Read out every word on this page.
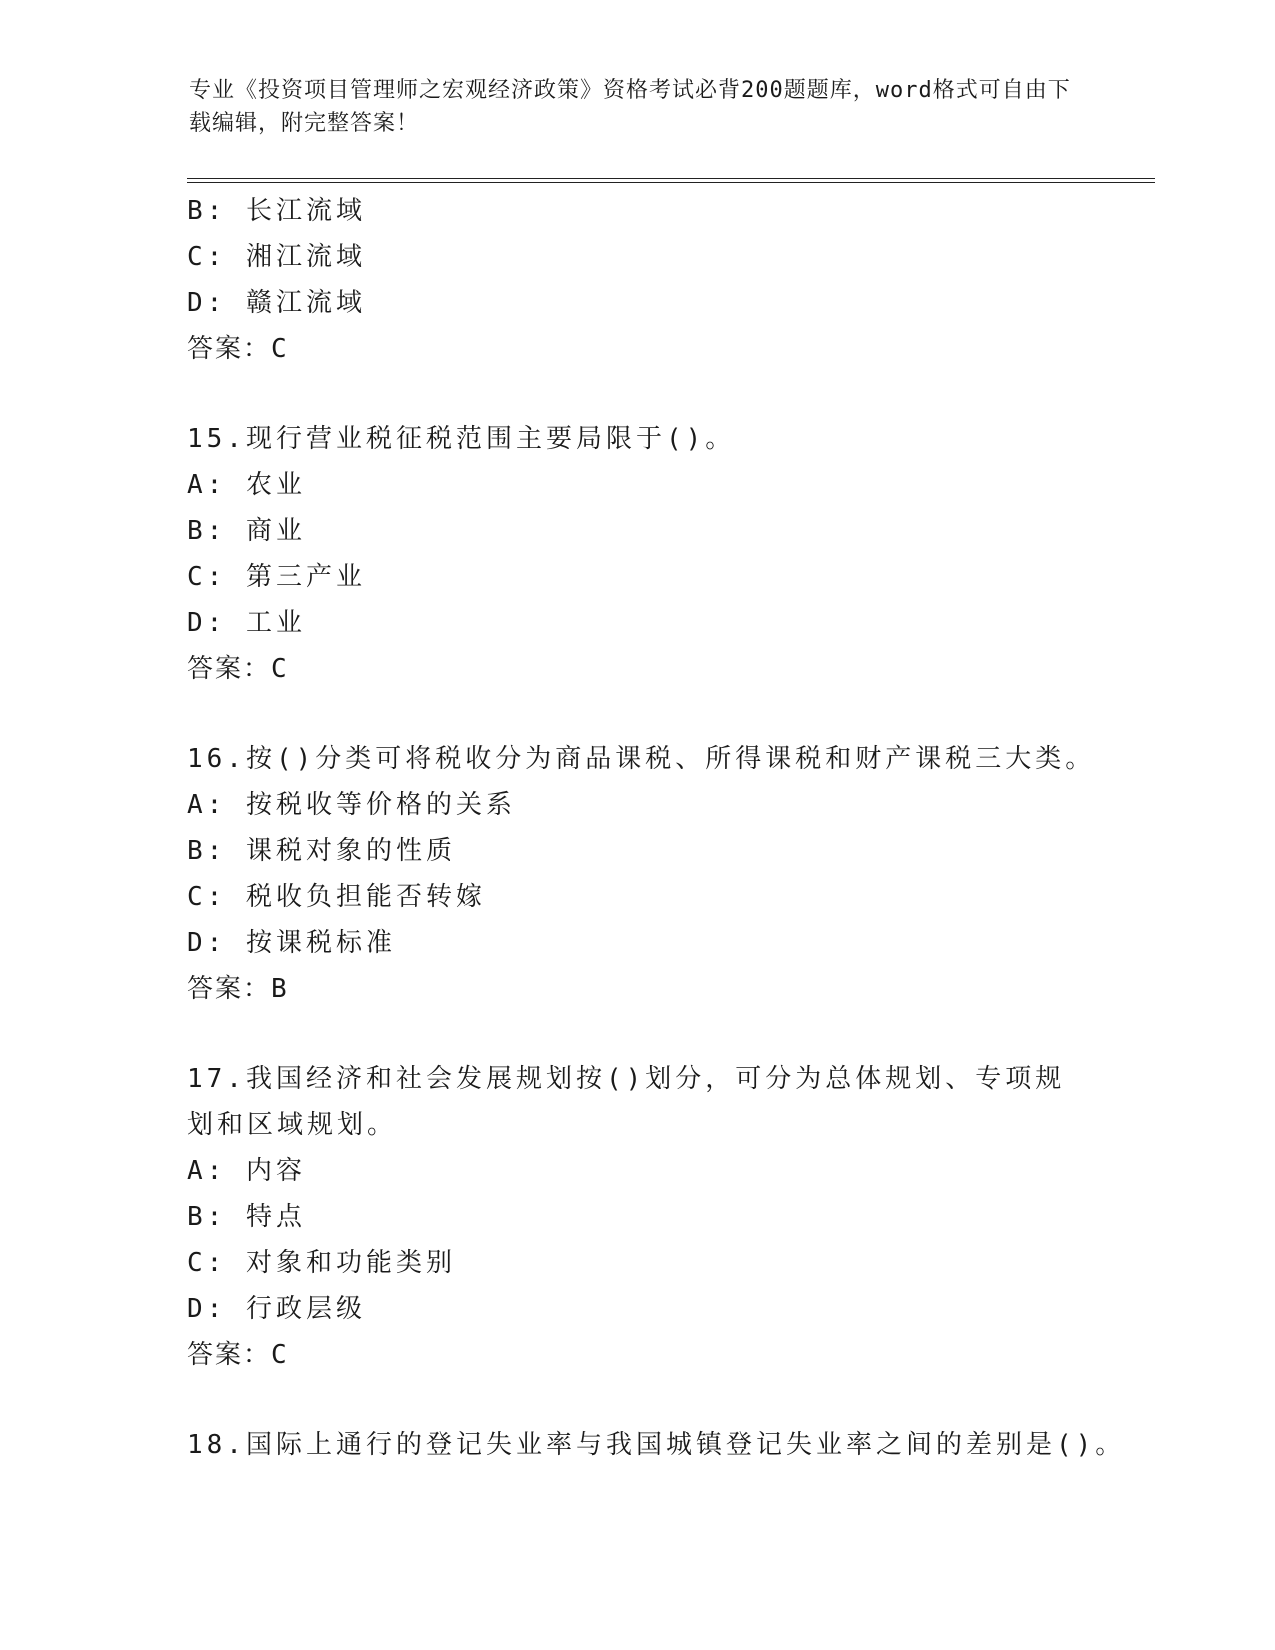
专业《投资项目管理师之宏观经济政策》资格考试必背200题题库，word格式可自由下载编辑，附完整答案！
B: 长江流域
C: 湘江流域
D: 赣江流域
答案：C
15.现行营业税征税范围主要局限于()。
A: 农业
B: 商业
C: 第三产业
D: 工业
答案：C
16.按()分类可将税收分为商品课税、所得课税和财产课税三大类。
A: 按税收等价格的关系
B: 课税对象的性质
C: 税收负担能否转嫁
D: 按课税标准
答案：B
17.我国经济和社会发展规划按()划分，可分为总体规划、专项规划和区域规划。
A: 内容
B: 特点
C: 对象和功能类别
D: 行政层级
答案：C
18.国际上通行的登记失业率与我国城镇登记失业率之间的差别是()。
